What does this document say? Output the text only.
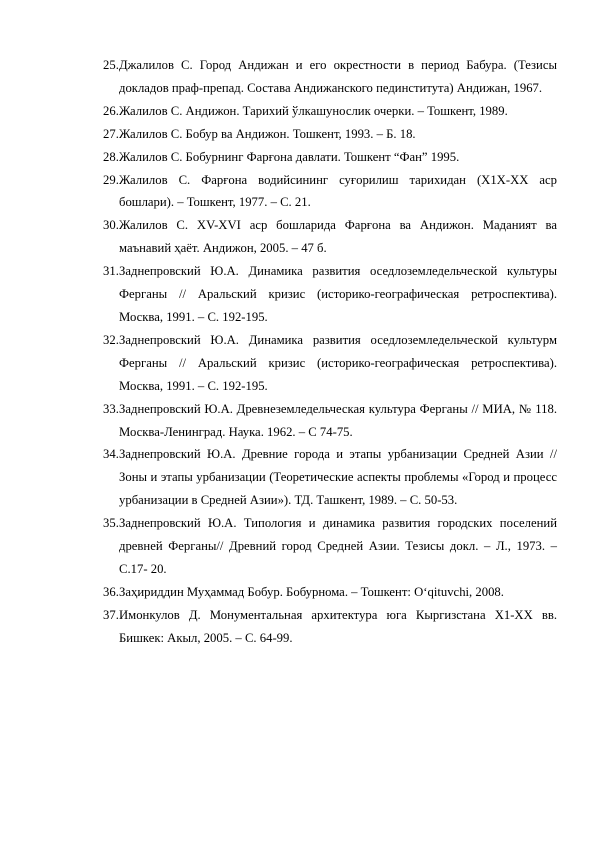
25. Джалилов С. Город Андижан и его окрестности в период Бабура. (Тезисы докладов праф-препад. Состава Андижанского пединститута) Андижан, 1967.
26. Жалилов С. Андижон. Тарихий ўлкашунослик очерки. – Тошкент, 1989.
27. Жалилов С. Бобур ва Андижон. Тошкент, 1993. – Б. 18.
28. Жалилов С. Бобурнинг Фарғона давлати. Тошкент “Фан” 1995.
29. Жалилов С. Фарғона водийсининг суғорилиш тарихидан (Х1Х-ХХ аср бошлари). – Тошкент, 1977. – С. 21.
30. Жалилов С. XV-XVI аср бошларида Фарғона ва Андижон. Маданият ва маънавий ҳаёт. Андижон, 2005. – 47 б.
31. Заднепровский Ю.А. Динамика развития оседлоземледельческой культуры Ферганы // Аральский кризис (историко-географическая ретроспектива). Москва, 1991. – С. 192-195.
32. Заднепровский Ю.А. Динамика развития оседлоземледельческой культурм Ферганы // Аральский кризис (историко-географическая ретроспектива). Москва, 1991. – С. 192-195.
33. Заднепровский Ю.А. Древнеземледельческая культура Ферганы // МИА, № 118. Москва-Ленинград. Наука. 1962. – С 74-75.
34. Заднепровский Ю.А. Древние города и этапы урбанизации Средней Азии // Зоны и этапы урбанизации (Теоретические аспекты проблемы «Город и процесс урбанизации в Средней Азии»). ТД. Ташкент, 1989. – С. 50-53.
35. Заднепровский Ю.А. Типология и динамика развития городских поселений древней Ферганы// Древний город Средней Азии. Тезисы докл. – Л., 1973. – С.17- 20.
36. Заҳириддин Муҳаммад Бобур. Бобурнома. – Тошкент: O‘qituvchi, 2008.
37. Имонкулов Д. Монументальная архитектура юга Кыргизстана Х1-ХХ вв. Бишкек: Акыл, 2005. – С. 64-99.
